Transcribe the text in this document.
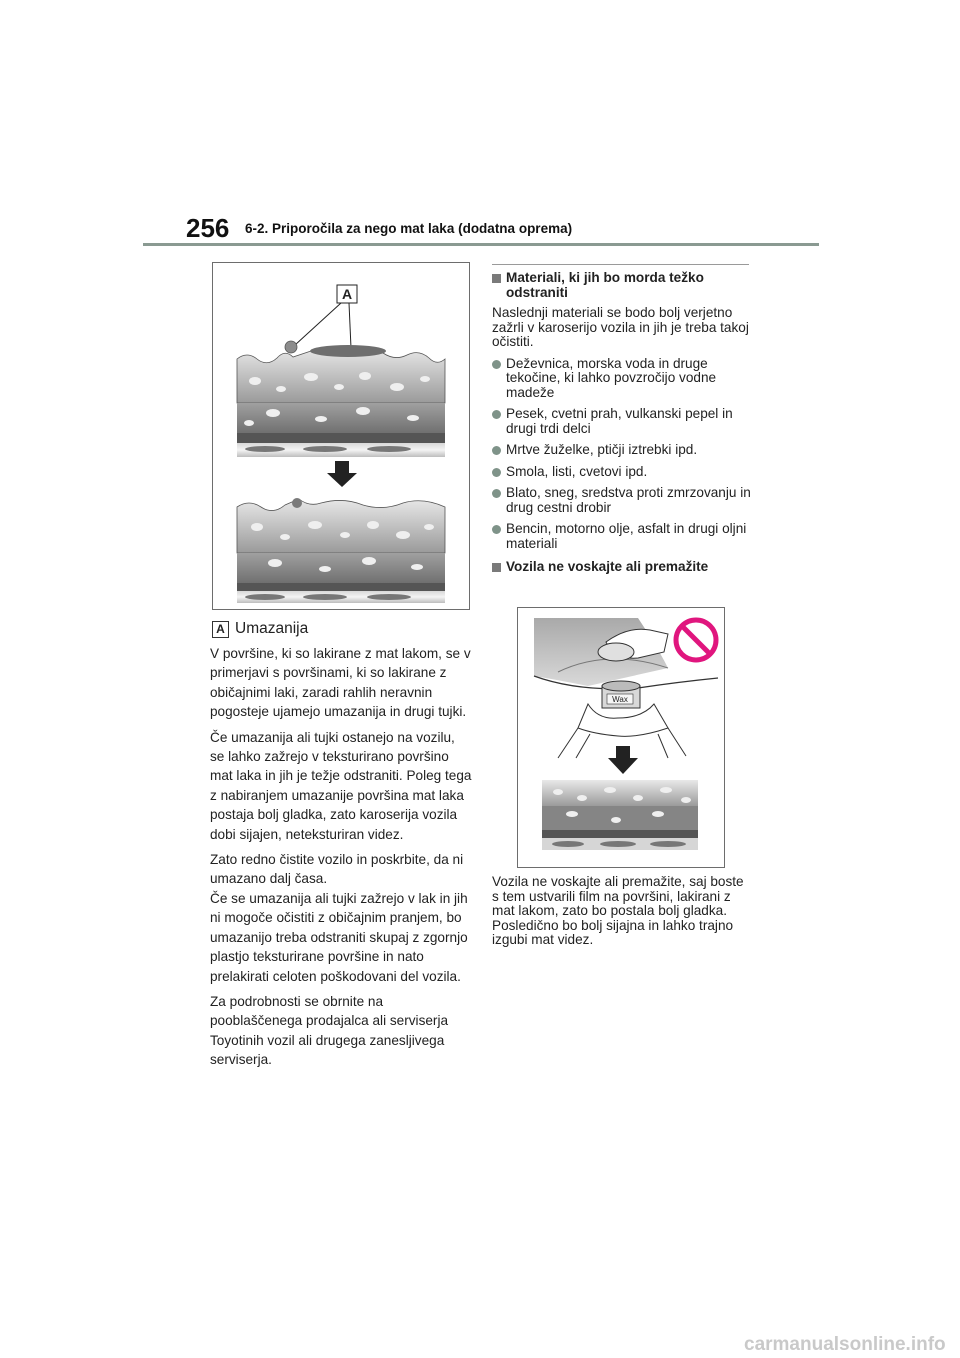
256 6-2. Priporočila za nego mat laka (dodatna oprema)
A
A Umazanija

V površine, ki so lakirane z mat lakom, se v primerjavi s površinami, ki so lakirane z običajnimi laki, zaradi rahlih neravnin pogosteje ujamejo umazanija in drugi tujki.

Če umazanija ali tujki ostanejo na vozilu, se lahko zažrejo v teksturirano površino mat laka in jih je težje odstraniti. Poleg tega z nabiranjem umazanije površina mat laka postaja bolj gladka, zato karoserija vozila dobi sijajen, neteksturiran videz.

Zato redno čistite vozilo in poskrbite, da ni umazano dalj časa.

Če se umazanija ali tujki zažrejo v lak in jih ni mogoče očistiti z običajnim pranjem, bo umazanijo treba odstraniti skupaj z zgornjo plastjo teksturirane površine in nato prelakirati celoten poškodovani del vozila.

Za podrobnosti se obrnite na pooblaščenega prodajalca ali serviserja Toyotinih vozil ali drugega zanesljivega serviserja.

Materiali, ki jih bo morda težko odstraniti
Naslednji materiali se bodo bolj verjetno zažrli v karoserijo vozila in jih je treba takoj očistiti.
Deževnica, morska voda in druge tekočine, ki lahko povzročijo vodne madeže
Pesek, cvetni prah, vulkanski pepel in drugi trdi delci
Mrtve žuželke, ptičji iztrebki ipd.
Smola, listi, cvetovi ipd.
Blato, sneg, sredstva proti zmrzovanju in drug cestni drobir
Bencin, motorno olje, asfalt in drugi oljni materiali
Vozila ne voskajte ali premažite
Wax
Vozila ne voskajte ali premažite, saj boste s tem ustvarili film na površini, lakirani z mat lakom, zato bo postala bolj gladka. Posledično bo bolj sijajna in lahko trajno izgubi mat videz.
carmanualsonline.info
